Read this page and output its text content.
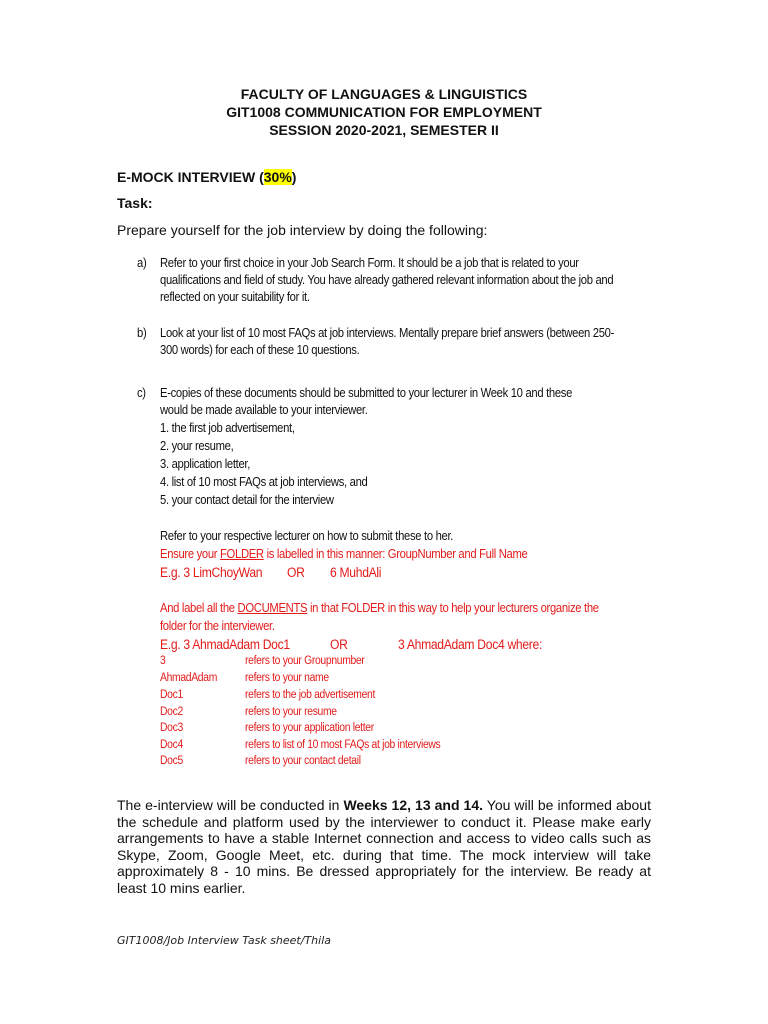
FACULTY OF LANGUAGES & LINGUISTICS
GIT1008 COMMUNICATION FOR EMPLOYMENT
SESSION 2020-2021, SEMESTER II
E-MOCK INTERVIEW (30%)
Task:
Prepare yourself for the job interview by doing the following:
a) Refer to your first choice in your Job Search Form. It should be a job that is related to your
qualifications and field of study. You have already gathered relevant information about the job and
reflected on your suitability for it.
b) Look at your list of 10 most FAQs at job interviews. Mentally prepare brief answers (between 250-
300 words) for each of these 10 questions.
c) E-copies of these documents should be submitted to your lecturer in Week 10 and these
would be made available to your interviewer.
1. the first job advertisement,
2. your resume,
3. application letter,
4. list of 10 most FAQs at job interviews, and
5. your contact detail for the interview
Refer to your respective lecturer on how to submit these to her.
Ensure your FOLDER is labelled in this manner: GroupNumber and Full Name
E.g. 3 LimChoyWan OR 6 MuhdAli
And label all the DOCUMENTS in that FOLDER in this way to help your lecturers organize the
folder for the interviewer.
E.g. 3 AhmadAdam Doc1	OR	3 AhmadAdam Doc4 where:
3	refers to your Groupnumber
AhmadAdam refers to your name
Doc1	refers to the job advertisement
Doc2	refers to your resume
Doc3	refers to your application letter
Doc4	refers to list of 10 most FAQs at job interviews
Doc5	refers to your contact detail
The e-interview will be conducted in Weeks 12, 13 and 14. You will be informed about the schedule and platform used by the interviewer to conduct it. Please make early arrangements to have a stable Internet connection and access to video calls such as Skype, Zoom, Google Meet, etc. during that time. The mock interview will take approximately 8 - 10 mins. Be dressed appropriately for the interview. Be ready at least 10 mins earlier.
GIT1008/Job Interview Task sheet/Thila
